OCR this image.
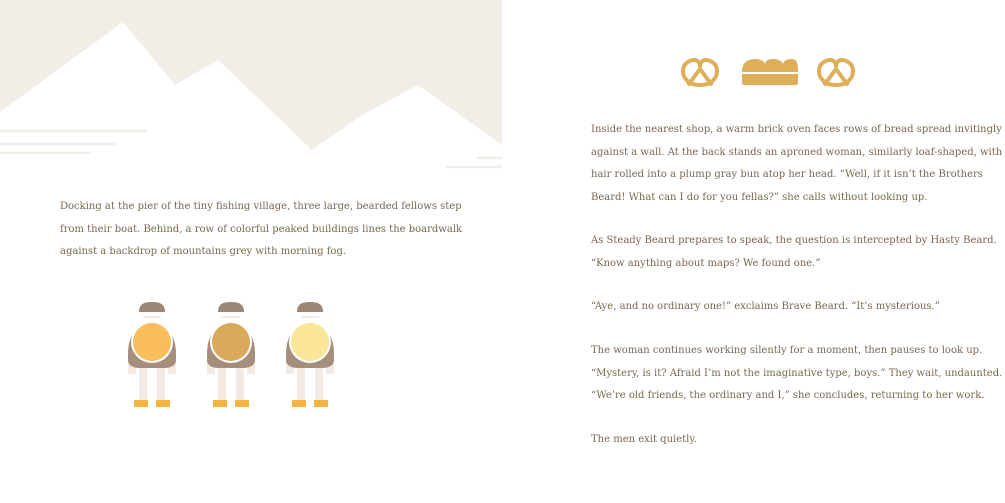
Docking at the pier of the tiny fishing village, three large, bearded fellows step
from their boat. Behind, a row of colorful peaked buildings lines the boardwalk
against a backdrop of mountains grey with morning fog.

Inside the nearest shop, a warm brick oven faces rows of bread spread invitingly
against a wall. At the back stands an aproned woman, similarly loaf-shaped, with
hair rolled into a plump gray bun atop her head. “Well, if it isn’t the Brothers
Beard! What can I do for you fellas?” she calls without looking up.

As Steady Beard prepares to speak, the question is intercepted by Hasty Beard.
“Know anything about maps? We found one.”

“Aye, and no ordinary one!” exclaims Brave Beard. “It’s mysterious.”

The woman continues working silently for a moment, then pauses to look up.
“Mystery, is it? Afraid I’m not the imaginative type, boys.” They wait, undaunted.
“We’re old friends, the ordinary and I,” she concludes, returning to her work.

The men exit quietly.
